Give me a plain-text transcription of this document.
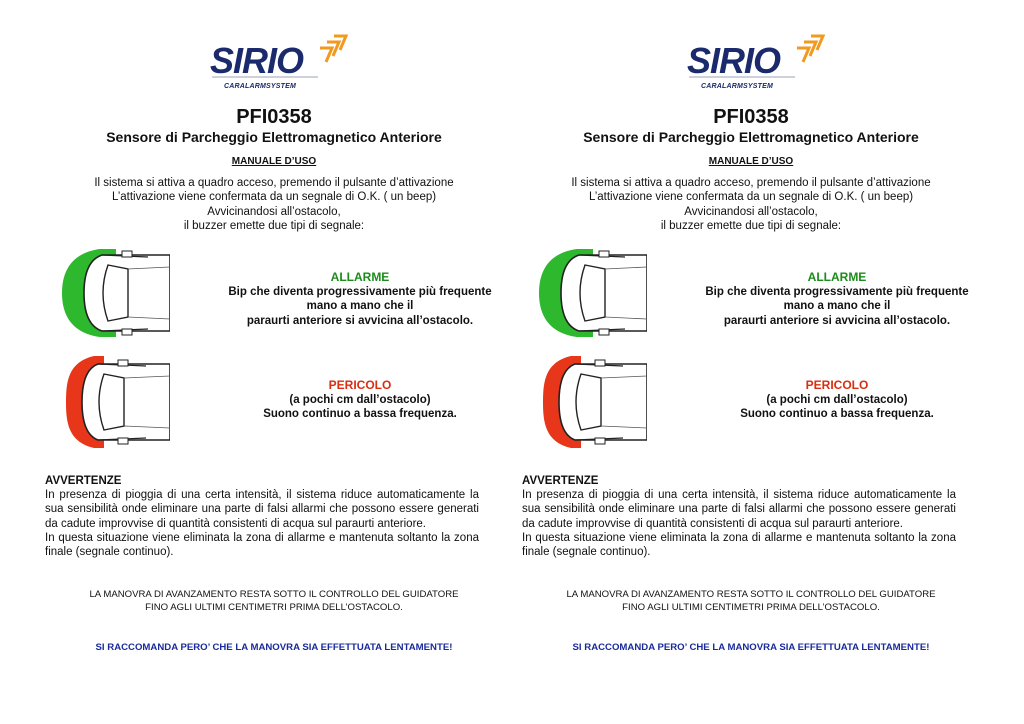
SIRIO
CARALARMSYSTEM
PFI0358
Sensore di Parcheggio Elettromagnetico Anteriore
MANUALE D’USO
Il sistema si attiva a quadro acceso, premendo il pulsante d’attivazione
L’attivazione viene confermata da un segnale di O.K. ( un beep)
Avvicinandosi all’ostacolo,
il buzzer emette due tipi di segnale:
ALLARME
Bip che diventa progressivamente più frequente
mano a mano che il
paraurti anteriore si avvicina all’ostacolo.
PERICOLO
(a pochi cm dall’ostacolo)
Suono continuo a bassa frequenza.
AVVERTENZE
In presenza di pioggia di una certa intensità, il sistema riduce automaticamente la sua sensibilità onde eliminare una parte di falsi allarmi che possono essere generati da cadute improvvise di quantità consistenti di acqua sul paraurti anteriore.
In questa situazione viene eliminata la zona di allarme e mantenuta soltanto la zona finale (segnale continuo).
LA MANOVRA DI AVANZAMENTO RESTA SOTTO IL CONTROLLO DEL GUIDATORE
FINO AGLI ULTIMI CENTIMETRI PRIMA DELL’OSTACOLO.
SI RACCOMANDA PERO’ CHE LA MANOVRA SIA EFFETTUATA LENTAMENTE!
SIRIO
CARALARMSYSTEM
PFI0358
Sensore di Parcheggio Elettromagnetico Anteriore
MANUALE D’USO
Il sistema si attiva a quadro acceso, premendo il pulsante d’attivazione
L’attivazione viene confermata da un segnale di O.K. ( un beep)
Avvicinandosi all’ostacolo,
il buzzer emette due tipi di segnale:
ALLARME
Bip che diventa progressivamente più frequente
mano a mano che il
paraurti anteriore si avvicina all’ostacolo.
PERICOLO
(a pochi cm dall’ostacolo)
Suono continuo a bassa frequenza.
AVVERTENZE
In presenza di pioggia di una certa intensità, il sistema riduce automaticamente la sua sensibilità onde eliminare una parte di falsi allarmi che possono essere generati da cadute improvvise di quantità consistenti di acqua sul paraurti anteriore.
In questa situazione viene eliminata la zona di allarme e mantenuta soltanto la zona finale (segnale continuo).
LA MANOVRA DI AVANZAMENTO RESTA SOTTO IL CONTROLLO DEL GUIDATORE
FINO AGLI ULTIMI CENTIMETRI PRIMA DELL’OSTACOLO.
SI RACCOMANDA PERO’ CHE LA MANOVRA SIA EFFETTUATA LENTAMENTE!
